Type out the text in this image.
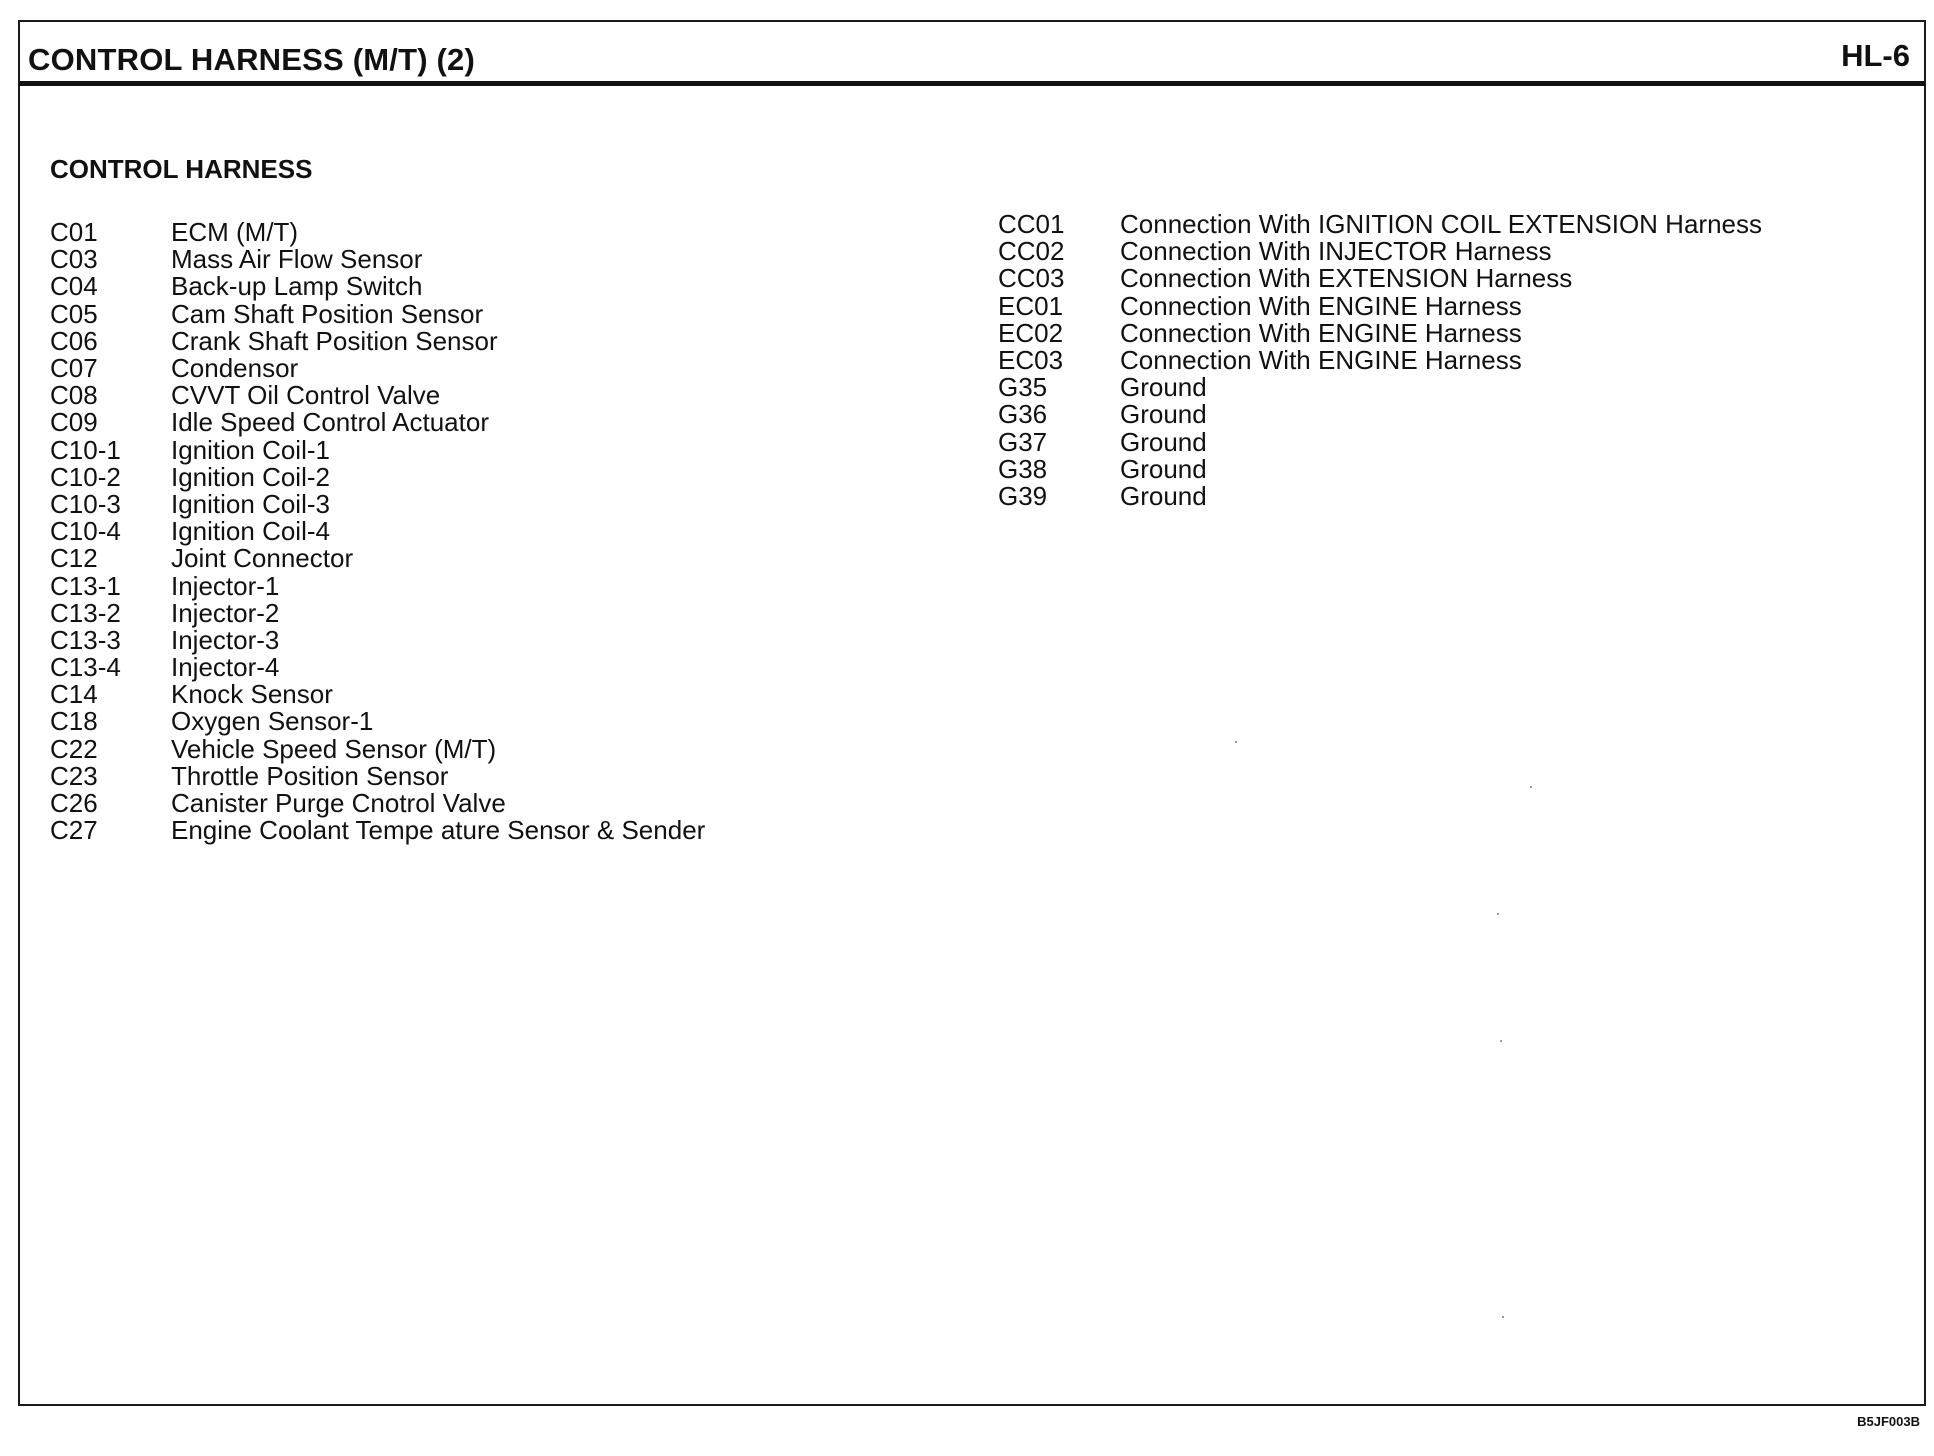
CONTROL HARNESS (M/T) (2)	HL-6
CONTROL HARNESS
C01	ECM (M/T)
C03	Mass Air Flow Sensor
C04	Back-up Lamp Switch
C05	Cam Shaft Position Sensor
C06	Crank Shaft Position Sensor
C07	Condensor
C08	CVVT Oil Control Valve
C09	Idle Speed Control Actuator
C10-1	Ignition Coil-1
C10-2	Ignition Coil-2
C10-3	Ignition Coil-3
C10-4	Ignition Coil-4
C12	Joint Connector
C13-1	Injector-1
C13-2	Injector-2
C13-3	Injector-3
C13-4	Injector-4
C14	Knock Sensor
C18	Oxygen Sensor-1
C22	Vehicle Speed Sensor (M/T)
C23	Throttle Position Sensor
C26	Canister Purge Cnotrol Valve
C27	Engine Coolant Tempe ature Sensor & Sender
CC01	Connection With IGNITION COIL EXTENSION Harness
CC02	Connection With INJECTOR Harness
CC03	Connection With EXTENSION Harness
EC01	Connection With ENGINE Harness
EC02	Connection With ENGINE Harness
EC03	Connection With ENGINE Harness
G35	Ground
G36	Ground
G37	Ground
G38	Ground
G39	Ground
B5JF003B
